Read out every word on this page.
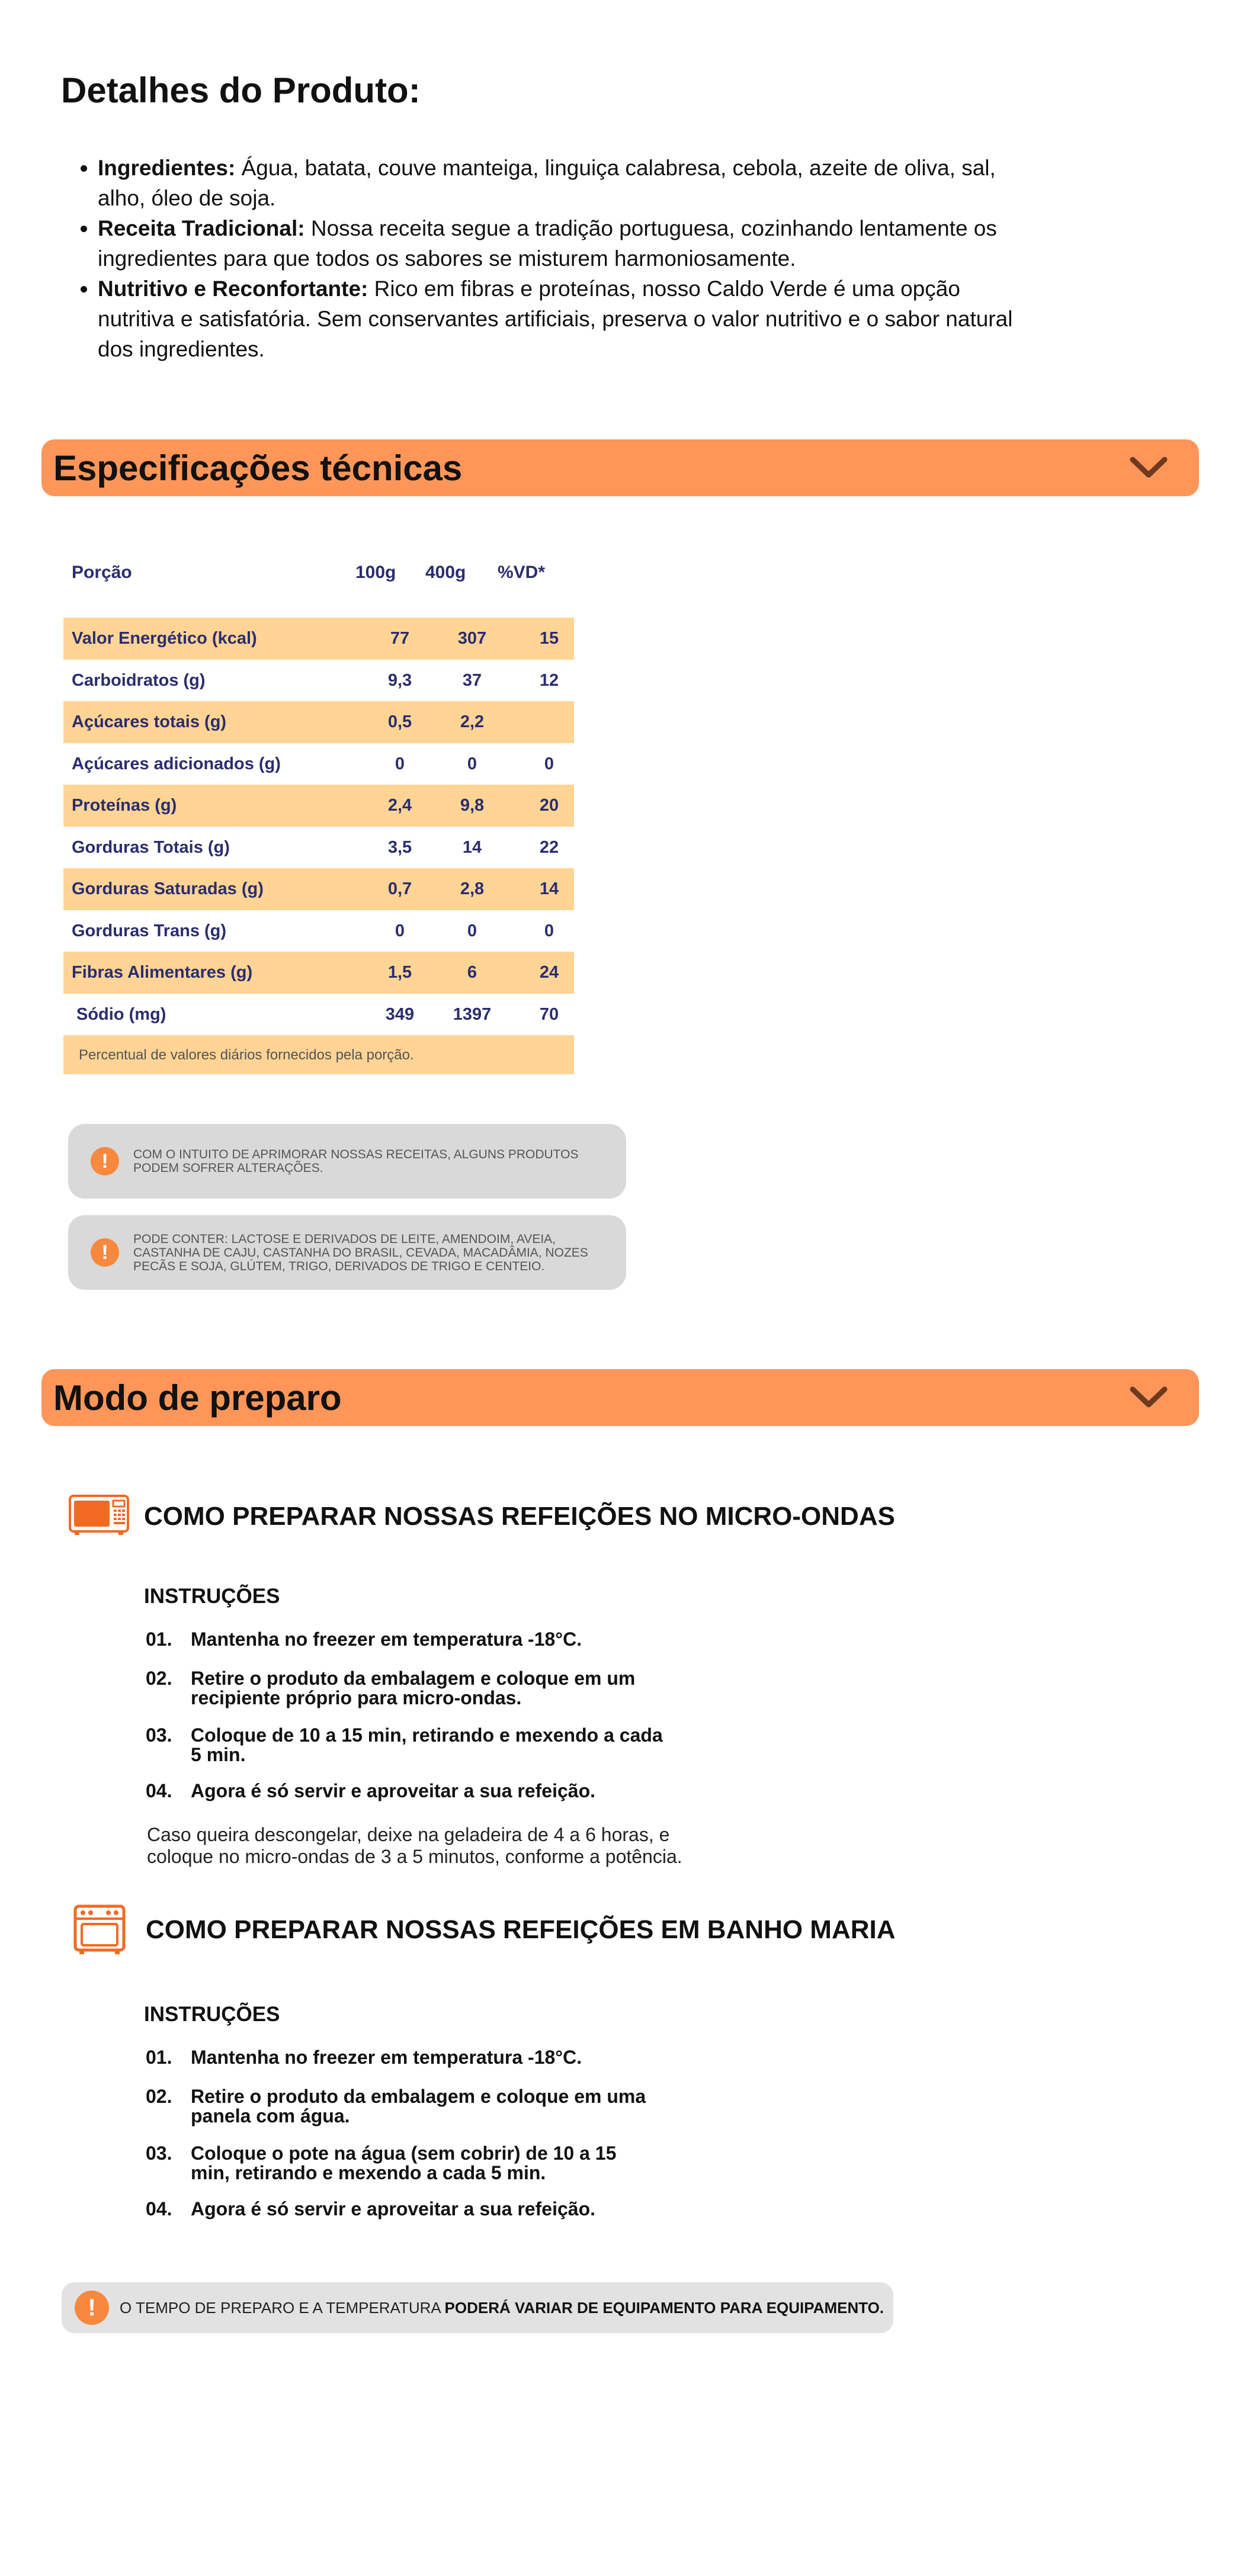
Detalhes do Produto:
• Ingredientes: Água, batata, couve manteiga, linguiça calabresa, cebola, azeite de oliva, sal, alho, óleo de soja.
• Receita Tradicional: Nossa receita segue a tradição portuguesa, cozinhando lentamente os ingredientes para que todos os sabores se misturem harmoniosamente.
• Nutritivo e Reconfortante: Rico em fibras e proteínas, nosso Caldo Verde é uma opção nutritiva e satisfatória. Sem conservantes artificiais, preserva o valor nutritivo e o sabor natural dos ingredientes.
Especificações técnicas
Porção	100g 400g %VD*
Valor Energético (kcal)	77	307	15
Carboidratos (g)	9,3	37	12
Açúcares totais (g)	0,5	2,2
Açúcares adicionados (g)	0	0	0
Proteínas (g)	2,4	9,8	20
Gorduras Totais (g)	3,5	14	22
Gorduras Saturadas (g)	0,7	2,8	14
Gorduras Trans (g)	0	0	0
Fibras Alimentares (g)	1,5	6	24
Sódio (mg)	349	1397	70
Percentual de valores diários fornecidos pela porção.
!	COM O INTUITO DE APRIMORAR NOSSAS RECEITAS, ALGUNS PRODUTOS PODEM SOFRER ALTERAÇÕES.
!
PODE CONTER: LACTOSE E DERIVADOS DE LEITE, AMENDOIM, AVEIA, CASTANHA DE CAJU, CASTANHA DO BRASIL, CEVADA, MACADÂMIA, NOZES PECÃS E SOJA, GLÚTEM, TRIGO, DERIVADOS DE TRIGO E CENTEIO.
Modo de preparo
COMO PREPARAR NOSSAS REFEIÇÕES NO MICRO-ONDAS
INSTRUÇÕES
01. Mantenha no freezer em temperatura -18°C.
02. Retire o produto da embalagem e coloque em um recipiente próprio para micro-ondas.
03. Coloque de 10 a 15 min, retirando e mexendo a cada 5 min.
04. Agora é só servir e aproveitar a sua refeição.
Caso queira descongelar, deixe na geladeira de 4 a 6 horas, e coloque no micro-ondas de 3 a 5 minutos, conforme a potência.
COMO PREPARAR NOSSAS REFEIÇÕES EM BANHO MARIA
INSTRUÇÕES
01. Mantenha no freezer em temperatura -18°C.
02. Retire o produto da embalagem e coloque em uma panela com água.
03. Coloque o pote na água (sem cobrir) de 10 a 15 min, retirando e mexendo a cada 5 min.
04. Agora é só servir e aproveitar a sua refeição.
!	O TEMPO DE PREPARO E A TEMPERATURA PODERÁ VARIAR DE EQUIPAMENTO PARA EQUIPAMENTO.
